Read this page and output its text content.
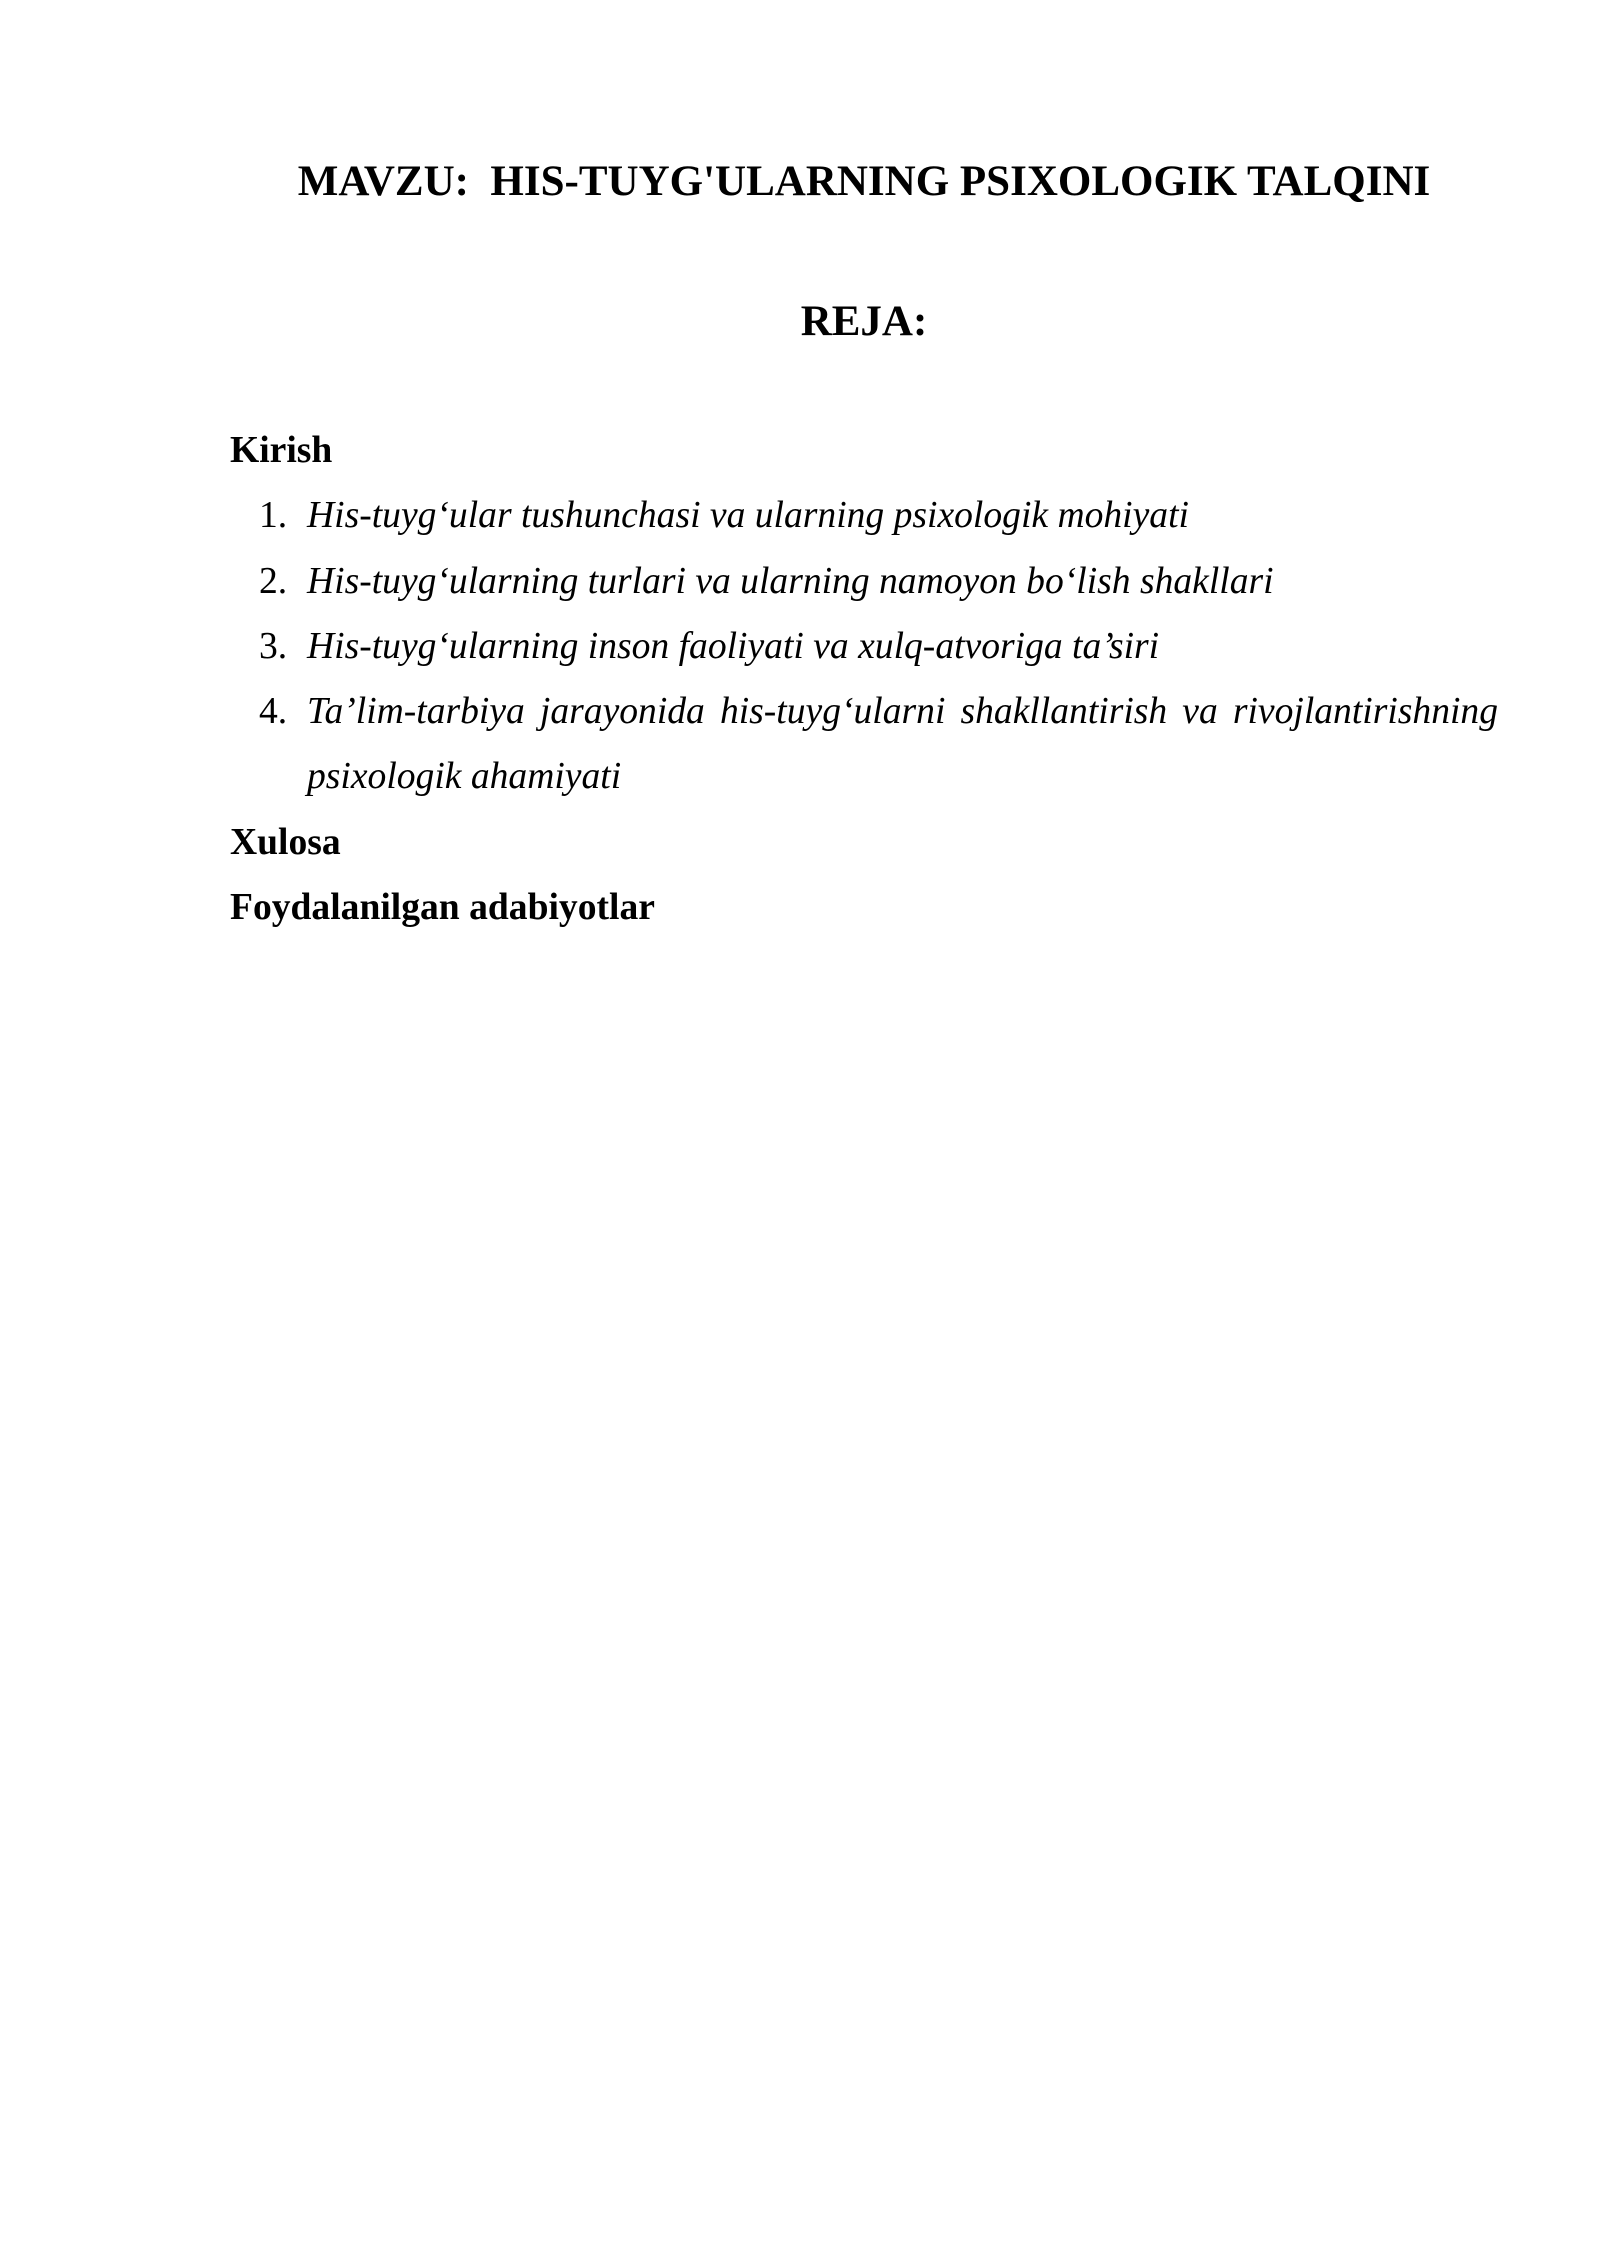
MAVZU:  HIS-TUYG'ULARNING PSIXOLOGIK TALQINI
REJA:

Kirish

1. His-tuyg‘ular tushunchasi va ularning psixologik mohiyati
2. His-tuyg‘ularning turlari va ularning namoyon bo‘lish shakllari
3. His-tuyg‘ularning inson faoliyati va xulq-atvoriga ta’siri
4. Ta’lim-tarbiya jarayonida his-tuyg‘ularni shakllantirish va rivojlantirishning psixologik ahamiyati

Xulosa

Foydalanilgan adabiyotlar
